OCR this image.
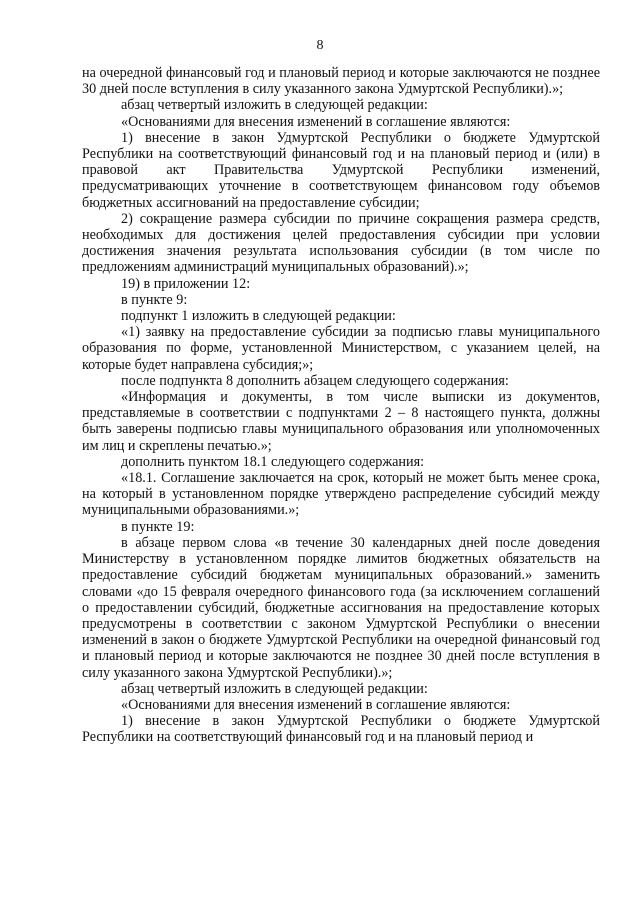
8

на очередной финансовый год и плановый период и которые заключаются не позднее 30 дней после вступления в силу указанного закона Удмуртской Республики).»;

абзац четвертый изложить в следующей редакции:

«Основаниями для внесения изменений в соглашение являются:

1) внесение в закон Удмуртской Республики о бюджете Удмуртской Республики на соответствующий финансовый год и на плановый период и (или) в правовой акт Правительства Удмуртской Республики изменений, предусматривающих уточнение в соответствующем финансовом году объемов бюджетных ассигнований на предоставление субсидии;

2) сокращение размера субсидии по причине сокращения размера средств, необходимых для достижения целей предоставления субсидии при условии достижения значения результата использования субсидии (в том числе по предложениям администраций муниципальных образований).»;

19) в приложении 12:

в пункте 9:

подпункт 1 изложить в следующей редакции:

«1) заявку на предоставление субсидии за подписью главы муниципального образования по форме, установленной Министерством, с указанием целей, на которые будет направлена субсидия;»;

после подпункта 8 дополнить абзацем следующего содержания:

«Информация и документы, в том числе выписки из документов, представляемые в соответствии с подпунктами 2 – 8 настоящего пункта, должны быть заверены подписью главы муниципального образования или уполномоченных им лиц и скреплены печатью.»;

дополнить пунктом 18.1 следующего содержания:

«18.1. Соглашение заключается на срок, который не может быть менее срока, на который в установленном порядке утверждено распределение субсидий между муниципальными образованиями.»;

в пункте 19:

в абзаце первом слова «в течение 30 календарных дней после доведения Министерству в установленном порядке лимитов бюджетных обязательств на предоставление субсидий бюджетам муниципальных образований.» заменить словами «до 15 февраля очередного финансового года (за исключением соглашений о предоставлении субсидий, бюджетные ассигнования на предоставление которых предусмотрены в соответствии с законом Удмуртской Республики о внесении изменений в закон о бюджете Удмуртской Республики на очередной финансовый год и плановый период и которые заключаются не позднее 30 дней после вступления в силу указанного закона Удмуртской Республики).»;

абзац четвертый изложить в следующей редакции:

«Основаниями для внесения изменений в соглашение являются:

1) внесение в закон Удмуртской Республики о бюджете Удмуртской Республики на соответствующий финансовый год и на плановый период и
